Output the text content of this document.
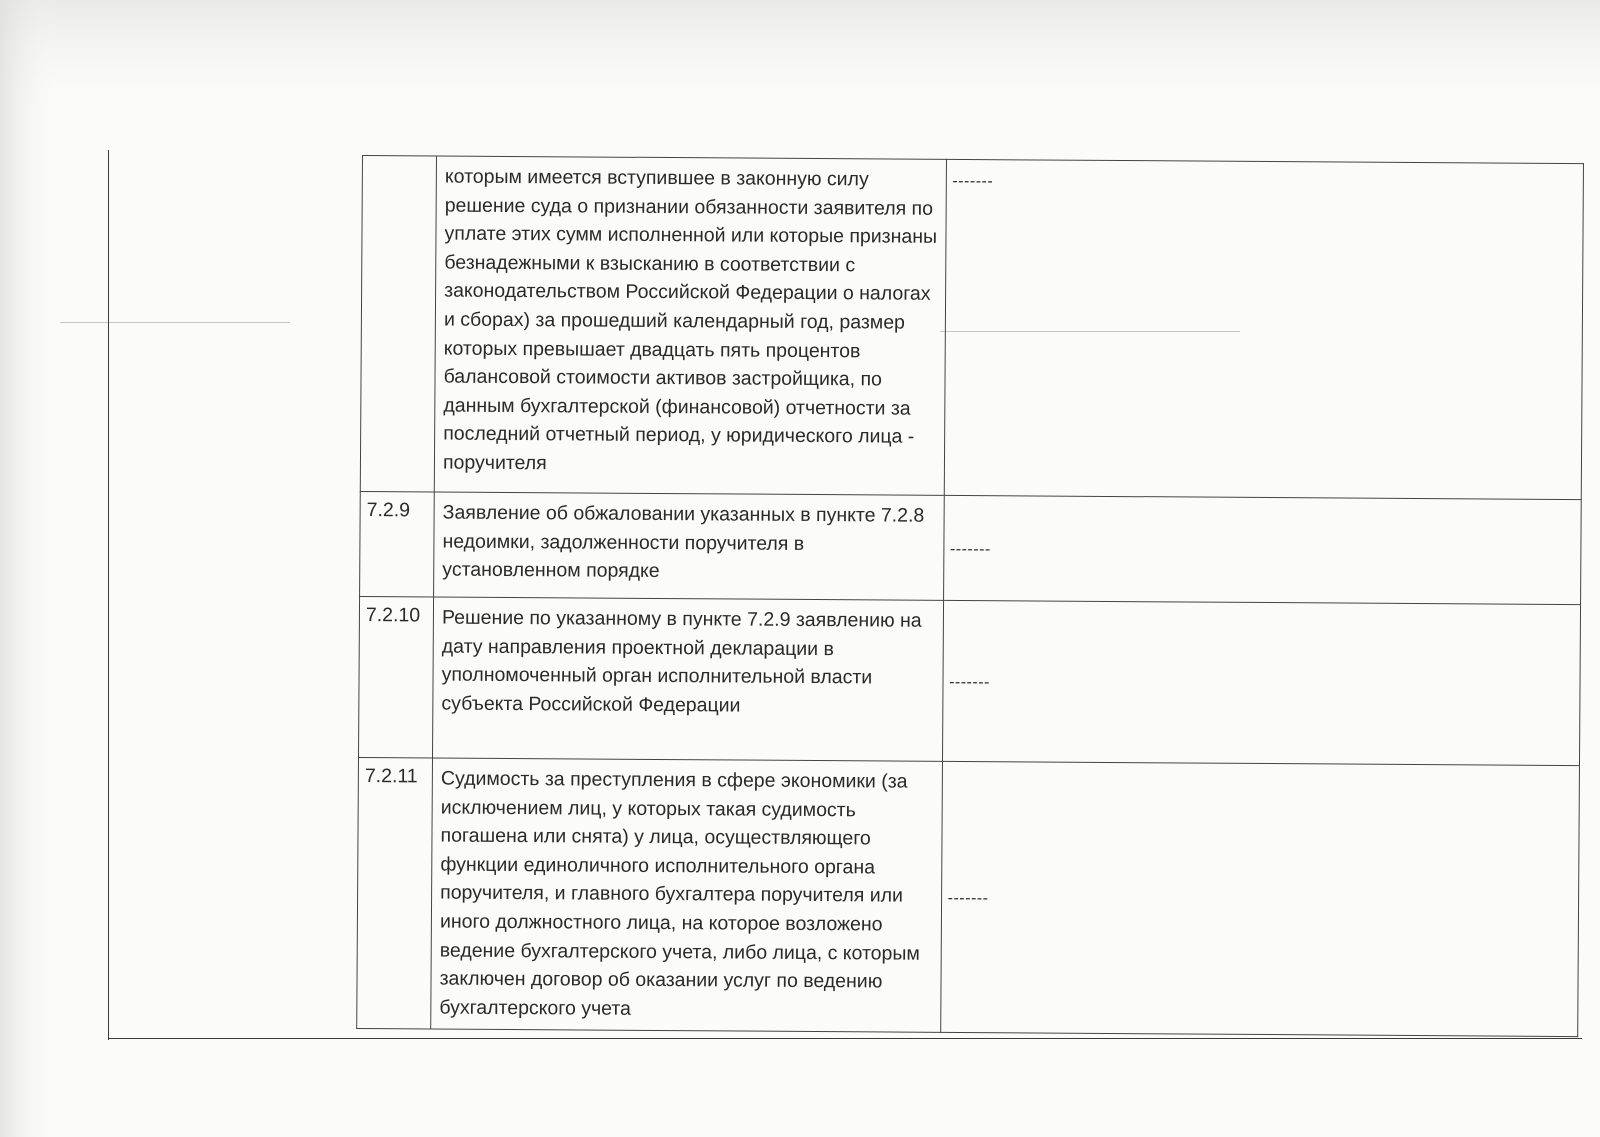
	которым имеется вступившее в законную силу решение суда о признании обязанности заявителя по уплате этих сумм исполненной или которые признаны безнадежными к взысканию в соответствии с законодательством Российской Федерации о налогах и сборах) за прошедший календарный год, размер которых превышает двадцать пять процентов балансовой стоимости активов застройщика, по данным бухгалтерской (финансовой) отчетности за последний отчетный период, у юридического лица - поручителя	-------
7.2.9	Заявление об обжаловании указанных в пункте 7.2.8 недоимки, задолженности поручителя в установленном порядке	-------
7.2.10	Решение по указанному в пункте 7.2.9 заявлению на дату направления проектной декларации в уполномоченный орган исполнительной власти субъекта Российской Федерации	-------
7.2.11	Судимость за преступления в сфере экономики (за исключением лиц, у которых такая судимость погашена или снята) у лица, осуществляющего функции единоличного исполнительного органа поручителя, и главного бухгалтера поручителя или иного должностного лица, на которое возложено ведение бухгалтерского учета, либо лица, с которым заключен договор об оказании услуг по ведению бухгалтерского учета	-------
